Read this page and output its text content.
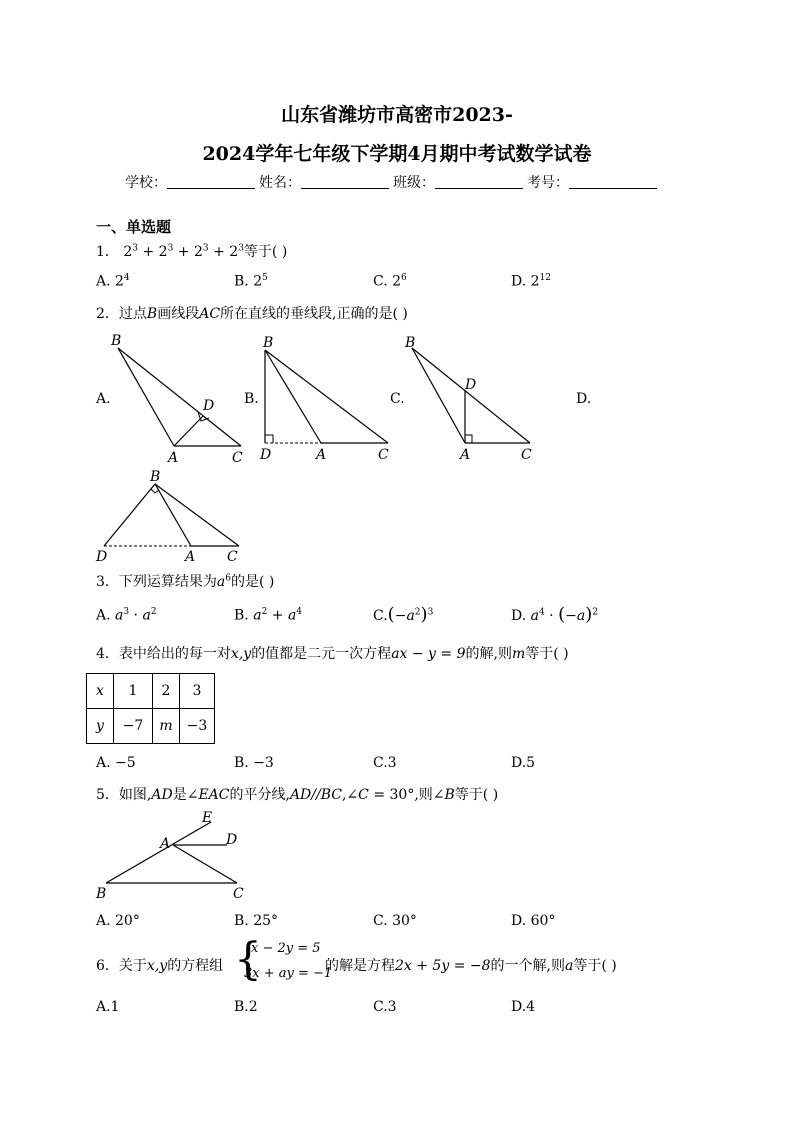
山东省潍坊市高密市2023-
2024学年七年级下学期4月期中考试数学试卷
学校：	姓名：	班级：	考号：
一、单选题
1． $2^3 + 2^3 + 2^3 + 2^3$等于( )
A. $2^4$	B. $2^5$	C. $2^6$	D. $2^{12}$
2．过点B画线段AC所在直线的垂线段,正确的是( )
A.	B.	C.	D.
B
D
A	C
B
D	A	C
B
D
A	C
B
D	A C
3．下列运算结果为$a^6$的是( )
A. $a^3 \cdot a^2$	B. $a^2 + a^4$	$C.(-a^2)^3$	D. $a^4 \cdot (-a)^2$
4．表中给出的每一对x,y的值都是二元一次方程ax − y = 9的解,则m等于( )
x	1	2	3
y	−7	m	−3
A. −5	B. −3	C.3	D.5
5．如图,AD是∠EAC的平分线,AD//BC,∠C = 30°,则∠B等于( )
E
D
A
B	C
A. 20°	B. 25°	C. 30°	D. 60°
6．关于x,y的方程组 {
x − 2y = 5
3x + ay = −1
的解是方程2x + 5y = −8的一个解,则a等于( )
A.1	B.2	C.3	D.4
